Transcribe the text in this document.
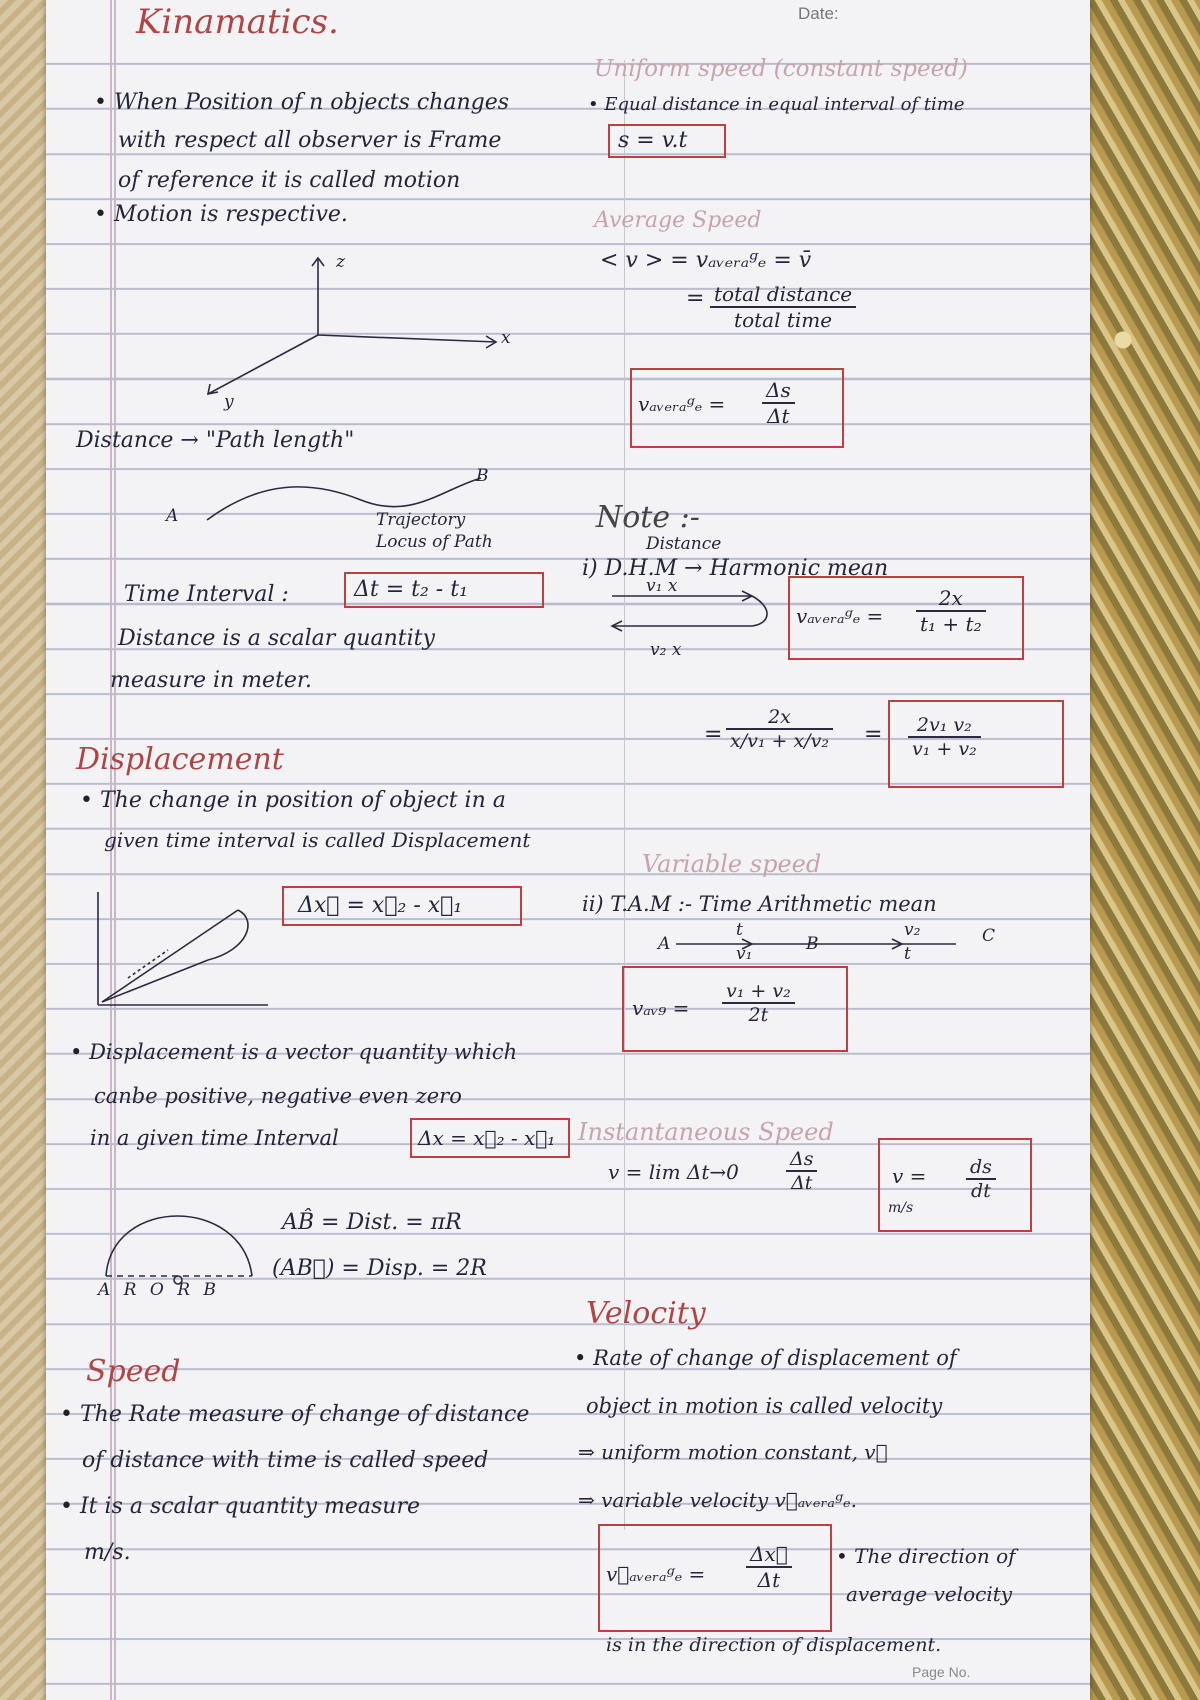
Kinamatics.	Date:
• When Position of n objects changes
with respect all observer is Frame
of reference it is called motion
• Motion is respective.
z
x
y
Distance → "Path length"
A
B
Trajectory
Locus of Path
Time Interval :	Δt = t₂ - t₁
Distance is a scalar quantity
measure in meter.
Displacement
• The change in position of object in a
given time interval is called Displacement
Δx⃗ = x⃗₂ - x⃗₁
• Displacement is a vector quantity which
canbe positive, negative even zero
in a given time Interval	Δx = x⃗₂ - x⃗₁
A R O R B
AB̂ = Dist. = πR
(AB⃗) = Disp. = 2R
Speed
• The Rate measure of change of distance
of distance with time is called speed
• It is a scalar quantity measure
m/s.
Uniform speed (constant speed)
• Equal distance in equal interval of time
s = v.t
Average Speed
< v > = vₐᵥₑᵣₐᵍₑ = v̄
= total distance
total time
vₐᵥₑᵣₐᵍₑ = $\frac{\Delta s}{\Delta t}$
Note :-
Distance
i) D.H.M → Harmonic mean
v₁ x
v₂ x
vₐᵥₑᵣₐᵍₑ = $\frac{2x}{\text{t₁ + t₂}}$
= $\frac{2x}{\text{x/v₁ + x/v₂}} = \frac{\text{2v₁ v₂}}{\text{v₁ + v₂}}$
Variable speed
ii) T.A.M :- Time Arithmetic mean
A	B	C
t
v₁
v₂
t
vₐᵥ₉ = $\frac{\text{v₁ + v₂}}{2t}$
Instantaneous Speed
$v = \lim \Delta t\to 0 \frac{\Delta s}{\Delta t}$	$v = \frac{ds}{dt}$
m/s
Velocity
• Rate of change of displacement of
object in motion is called velocity
⇒ uniform motion constant, v⃗
⇒ variable velocity v⃗ₐᵥₑᵣₐᵍₑ.
v⃗ₐᵥₑᵣₐᵍₑ = $\frac{\Delta x⃗}{\Delta t}$
•	The direction of
average velocity
is in the direction of displacement.
Page No.
